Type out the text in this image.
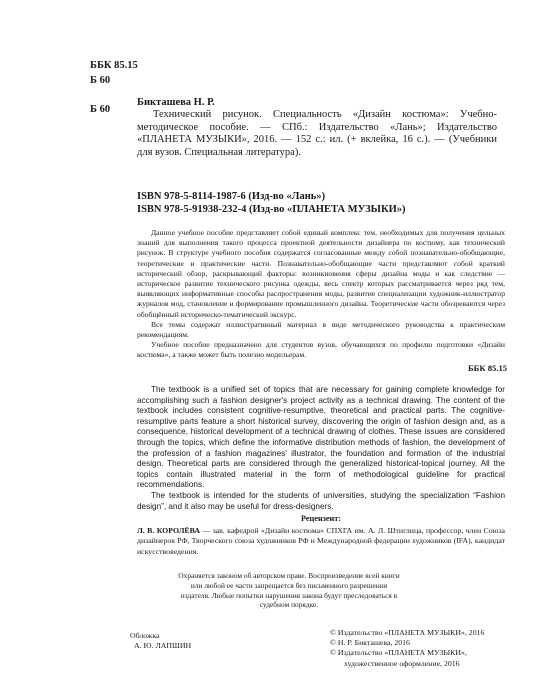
ББК 85.15
Б 60
Б 60
Бикташева Н. Р.
Технический рисунок. Специальность «Дизайн костюма»: Учебно-методическое пособие. — СПб.: Издательство «Лань»; Издательство «ПЛАНЕТА МУЗЫКИ», 2016. — 152 с.: ил. (+ вклейка, 16 с.). — (Учебники для вузов. Специальная литература).
ISBN 978-5-8114-1987-6 (Изд-во «Лань»)
ISBN 978-5-91938-232-4 (Изд-во «ПЛАНЕТА МУЗЫКИ»)

Данное учебное пособие представляет собой единый комплекс тем, необходимых для получения цельных знаний для выполнения такого процесса проектной деятельности дизайнера по костюму, как технический рисунок. В структуре учебного пособия содержатся согласованные между собой познавательно-обобщающие, теоретические и практические части. Познавательно-обобщающие части представляют собой краткий исторический обзор, раскрывающий факторы: возникновения сферы дизайна моды и как следствие — историческое развитие технического рисунка одежды, весь спектр которых рассматривается через ряд тем, выявляющих информативные способы распространения моды, развитие специализации художник-иллюстратор журналов мод, становление и формирование промышленного дизайна. Теоретические части обозреваются через обобщённый историческо-тематический экскурс.

Все темы содержат иллюстративный материал в виде методического руководства к практическим рекомендациям.

Учебное пособие предназначено для студентов вузов, обучающихся по профилю подготовки «Дизайн костюма», а также может быть полезно модельерам.

ББК 85.15

The textbook is a unified set of topics that are necessary for gaining complete knowledge for accomplishing such a fashion designer's project activity as a technical drawing. The content of the textbook includes consistent cognitive-resumptive, theoretical and practical parts. The cognitive-resumptive parts feature a short historical survey, discovering the origin of fashion design and, as a consequence, historical development of a technical drawing of clothes. These issues are considered through the topics, which define the informative distribution methods of fashion, the development of the profession of a fashion magazines' illustrator, the foundation and formation of the industrial design. Theoretical parts are considered through the generalized historical-topical journey. All the topics contain illustrated material in the form of methodological guideline for practical recommendations.

The textbook is intended for the students of universities, studying the specialization “Fashion design”, and it also may be useful for dress-designers.

Рецензент:
Л. В. КОРОЛЁВА — зав. кафедрой «Дизайн костюма» СПХГА им. А. Л. Штиглица, профессор, член Союза дизайнеров РФ, Творческого союза художников РФ и Международной федерации художников (IFA), кандидат искусствоведения.
Охраняется законом об авторском праве. Воспроизведение всей книги или любой ее части запрещается без письменного разрешения издателя. Любые попытки нарушения закона будут преследоваться в судебном порядке.
Обложка
А. Ю. ЛАПШИН
© Издательство «ПЛАНЕТА МУЗЫКИ», 2016
© Н. Р. Бикташева, 2016
© Издательство «ПЛАНЕТА МУЗЫКИ»,
художественное оформление, 2016
